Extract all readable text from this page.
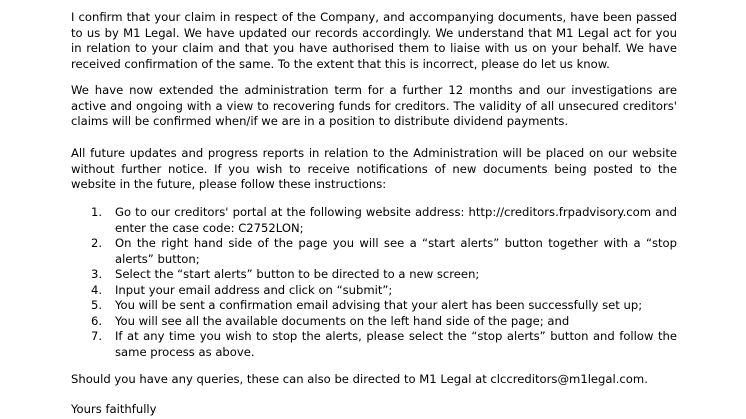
I confirm that your claim in respect of the Company, and accompanying documents, have been passed to us by M1 Legal. We have updated our records accordingly. We understand that M1 Legal act for you in relation to your claim and that you have authorised them to liaise with us on your behalf. We have received confirmation of the same. To the extent that this is incorrect, please do let us know.

We have now extended the administration term for a further 12 months and our investigations are active and ongoing with a view to recovering funds for creditors. The validity of all unsecured creditors' claims will be confirmed when/if we are in a position to distribute dividend payments.

All future updates and progress reports in relation to the Administration will be placed on our website without further notice. If you wish to receive notifications of new documents being posted to the website in the future, please follow these instructions:

1. Go to our creditors' portal at the following website address: http://creditors.frpadvisory.com and enter the case code: C2752LON;
2. On the right hand side of the page you will see a “start alerts” button together with a “stop alerts” button;
3. Select the “start alerts” button to be directed to a new screen;
4. Input your email address and click on “submit”;
5. You will be sent a confirmation email advising that your alert has been successfully set up;
6. You will see all the available documents on the left hand side of the page; and
7. If at any time you wish to stop the alerts, please select the “stop alerts” button and follow the same process as above.

Should you have any queries, these can also be directed to M1 Legal at clccreditors@m1legal.com.

Yours faithfully
